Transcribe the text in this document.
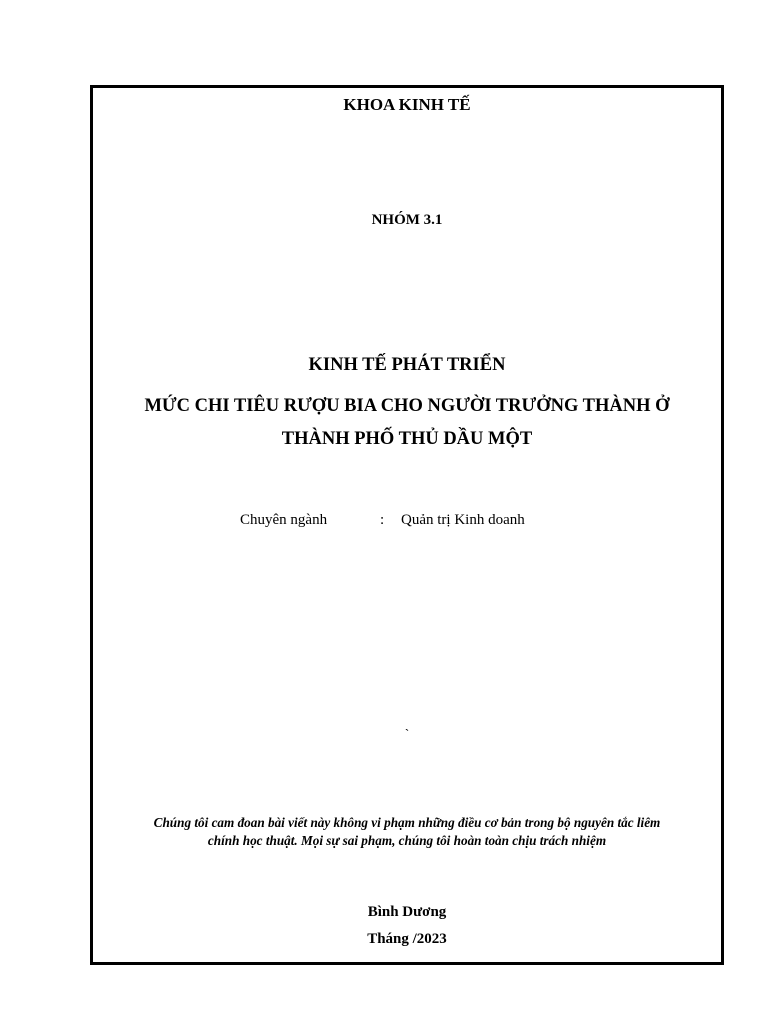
KHOA KINH TẾ
NHÓM 3.1
KINH TẾ PHÁT TRIỂN
MỨC CHI TIÊU RƯỢU BIA CHO NGƯỜI TRƯỞNG THÀNH Ở
THÀNH PHỐ THỦ DẦU MỘT
Chuyên ngành	: Quản trị Kinh doanh
`
Chúng tôi cam đoan bài viết này không vi phạm những điều cơ bản trong bộ nguyên tắc liêm
chính học thuật. Mọi sự sai phạm, chúng tôi hoàn toàn chịu trách nhiệm
Bình Dương
Tháng /2023
